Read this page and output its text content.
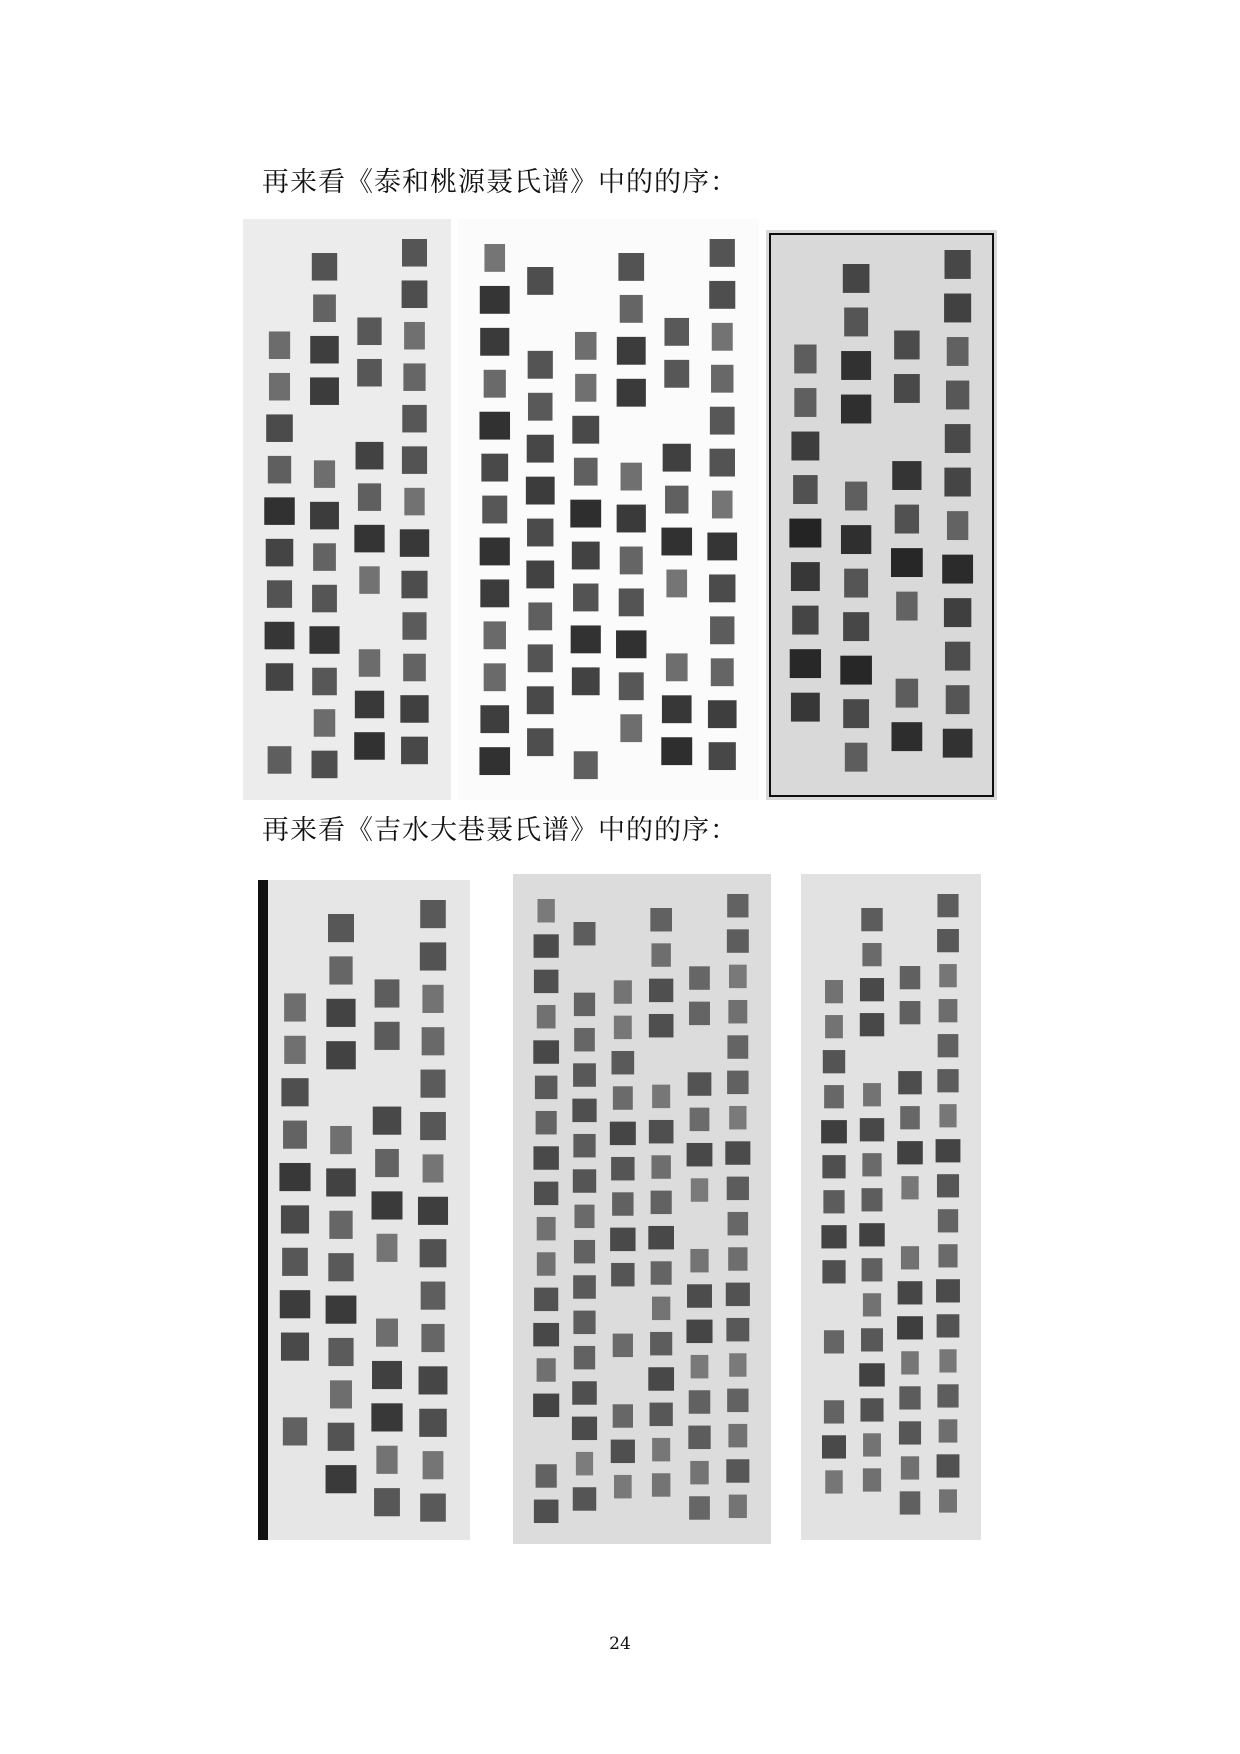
再来看《泰和桃源聂氏谱》中的的序：
再来看《吉水大巷聂氏谱》中的的序：
24
